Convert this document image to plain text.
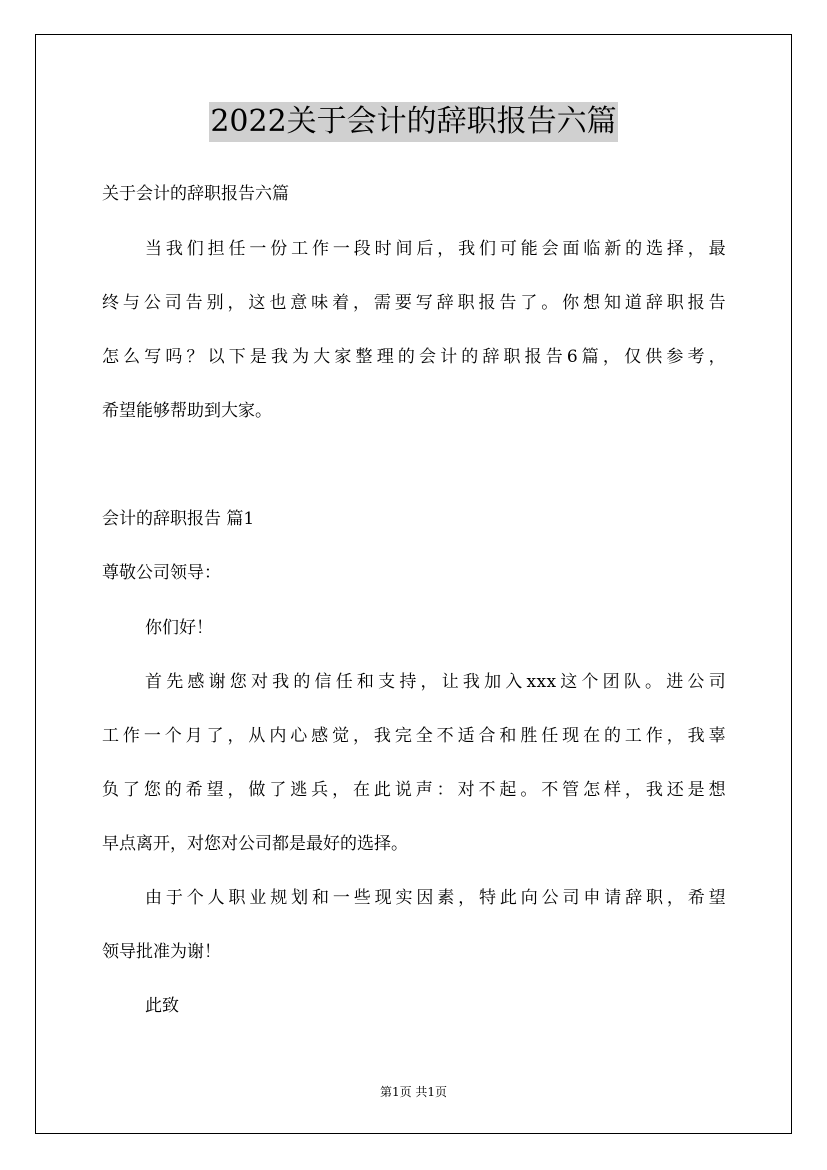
2022关于会计的辞职报告六篇
关于会计的辞职报告六篇
当我们担任一份工作一段时间后，我们可能会面临新的选择，最
终与公司告别，这也意味着，需要写辞职报告了。你想知道辞职报告
怎么写吗？以下是我为大家整理的会计的辞职报告6篇，仅供参考，
希望能够帮助到大家。
会计的辞职报告 篇1
尊敬公司领导：
你们好！
首先感谢您对我的信任和支持，让我加入xxx这个团队。进公司
工作一个月了，从内心感觉，我完全不适合和胜任现在的工作，我辜
负了您的希望，做了逃兵，在此说声：对不起。不管怎样，我还是想
早点离开，对您对公司都是最好的选择。
由于个人职业规划和一些现实因素，特此向公司申请辞职，希望
领导批准为谢！
此致
第1页 共1页
